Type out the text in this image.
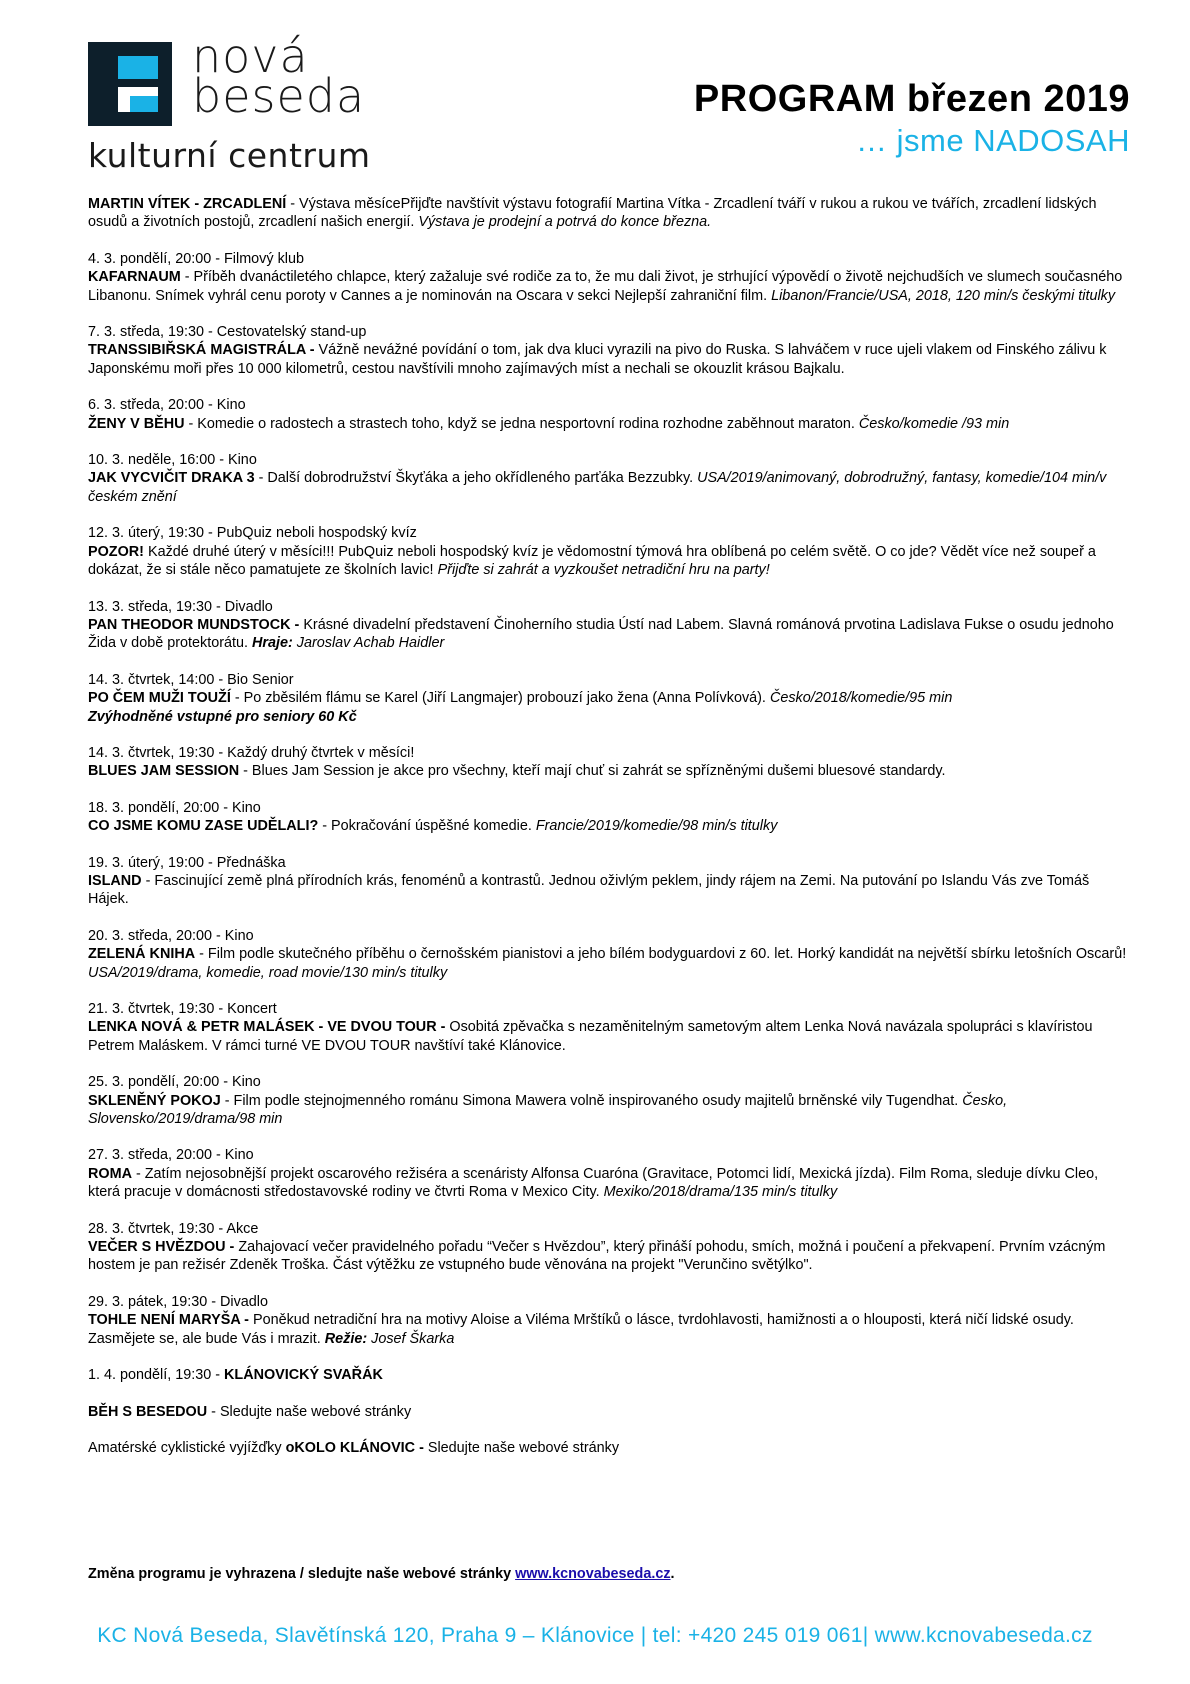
nová
beseda
kulturní centrum
PROGRAM březen 2019
… jsme NADOSAH

MARTIN VÍTEK - ZRCADLENÍ - Výstava měsícePřijďte navštívit výstavu fotografií Martina Vítka - Zrcadlení tváří v rukou a rukou ve tvářích, zrcadlení lidských osudů a životních postojů, zrcadlení našich energií. Výstava je prodejní a potrvá do konce března.

4. 3. pondělí, 20:00 - Filmový klub

KAFARNAUM - Příběh dvanáctiletého chlapce, který zažaluje své rodiče za to, že mu dali život, je strhující výpovědí o životě nejchudších ve slumech současného Libanonu. Snímek vyhrál cenu poroty v Cannes a je nominován na Oscara v sekci Nejlepší zahraniční film. Libanon/Francie/USA, 2018, 120 min/s českými titulky

7. 3. středa, 19:30 - Cestovatelský stand-up

TRANSSIBIŘSKÁ MAGISTRÁLA - Vážně nevážné povídání o tom, jak dva kluci vyrazili na pivo do Ruska. S lahváčem v ruce ujeli vlakem od Finského zálivu k Japonskému moři přes 10 000 kilometrů, cestou navštívili mnoho zajímavých míst a nechali se okouzlit krásou Bajkalu.

6. 3. středa, 20:00 - Kino

ŽENY V BĚHU - Komedie o radostech a strastech toho, když se jedna nesportovní rodina rozhodne zaběhnout maraton. Česko/komedie /93 min

10. 3. neděle, 16:00 - Kino

JAK VYCVIČIT DRAKA 3 - Další dobrodružství Škyťáka a jeho okřídleného parťáka Bezzubky. USA/2019/animovaný, dobrodružný, fantasy, komedie/104 min/v českém znění

12. 3. úterý, 19:30 - PubQuiz neboli hospodský kvíz

POZOR! Každé druhé úterý v měsíci!!! PubQuiz neboli hospodský kvíz je vědomostní týmová hra oblíbená po celém světě. O co jde? Vědět více než soupeř a dokázat, že si stále něco pamatujete ze školních lavic! Přijďte si zahrát a vyzkoušet netradiční hru na party!

13. 3. středa, 19:30 - Divadlo

PAN THEODOR MUNDSTOCK - Krásné divadelní představení Činoherního studia Ústí nad Labem. Slavná románová prvotina Ladislava Fukse o osudu jednoho Žida v době protektorátu. Hraje: Jaroslav Achab Haidler

14. 3. čtvrtek, 14:00 - Bio Senior

PO ČEM MUŽI TOUŽÍ - Po zběsilém flámu se Karel (Jiří Langmajer) probouzí jako žena (Anna Polívková). Česko/2018/komedie/95 min
Zvýhodněné vstupné pro seniory 60 Kč

14. 3. čtvrtek, 19:30 - Každý druhý čtvrtek v měsíci!

BLUES JAM SESSION - Blues Jam Session je akce pro všechny, kteří mají chuť si zahrát se spřízněnými dušemi bluesové standardy.

18. 3. pondělí, 20:00 - Kino

CO JSME KOMU ZASE UDĚLALI? - Pokračování úspěšné komedie. Francie/2019/komedie/98 min/s titulky

19. 3. úterý, 19:00 - Přednáška

ISLAND - Fascinující země plná přírodních krás, fenoménů a kontrastů. Jednou oživlým peklem, jindy rájem na Zemi. Na putování po Islandu Vás zve Tomáš Hájek.

20. 3. středa, 20:00 - Kino

ZELENÁ KNIHA - Film podle skutečného příběhu o černošském pianistovi a jeho bílém bodyguardovi z 60. let. Horký kandidát na největší sbírku letošních Oscarů! USA/2019/drama, komedie, road movie/130 min/s titulky

21. 3. čtvrtek, 19:30 - Koncert

LENKA NOVÁ & PETR MALÁSEK - VE DVOU TOUR - Osobitá zpěvačka s nezaměnitelným sametovým altem Lenka Nová navázala spolupráci s klavíristou Petrem Maláskem. V rámci turné VE DVOU TOUR navštíví také Klánovice.

25. 3. pondělí, 20:00 - Kino

SKLENĚNÝ POKOJ - Film podle stejnojmenného románu Simona Mawera volně inspirovaného osudy majitelů brněnské vily Tugendhat. Česko, Slovensko/2019/drama/98 min

27. 3. středa, 20:00 - Kino

ROMA - Zatím nejosobnější projekt oscarového režiséra a scenáristy Alfonsa Cuaróna (Gravitace, Potomci lidí, Mexická jízda). Film Roma, sleduje dívku Cleo, která pracuje v domácnosti středostavovské rodiny ve čtvrti Roma v Mexico City. Mexiko/2018/drama/135 min/s titulky

28. 3. čtvrtek, 19:30 - Akce

VEČER S HVĚZDOU - Zahajovací večer pravidelného pořadu “Večer s Hvězdou”, který přináší pohodu, smích, možná i poučení a překvapení. Prvním vzácným hostem je pan režisér Zdeněk Troška. Část výtěžku ze vstupného bude věnována na projekt "Verunčino světýlko".

29. 3. pátek, 19:30 - Divadlo

TOHLE NENÍ MARYŠA - Poněkud netradiční hra na motivy Aloise a Viléma Mrštíků o lásce, tvrdohlavosti, hamižnosti a o hlouposti, která ničí lidské osudy. Zasmějete se, ale bude Vás i mrazit. Režie: Josef Škarka

1. 4. pondělí, 19:30 - KLÁNOVICKÝ SVAŘÁK
BĚH S BESEDOU - Sledujte naše webové stránky
Amatérské cyklistické vyjížďky oKOLO KLÁNOVIC - Sledujte naše webové stránky
Změna programu je vyhrazena / sledujte naše webové stránky www.kcnovabeseda.cz.
KC Nová Beseda, Slavětínská 120, Praha 9 – Klánovice | tel: +420 245 019 061| www.kcnovabeseda.cz
